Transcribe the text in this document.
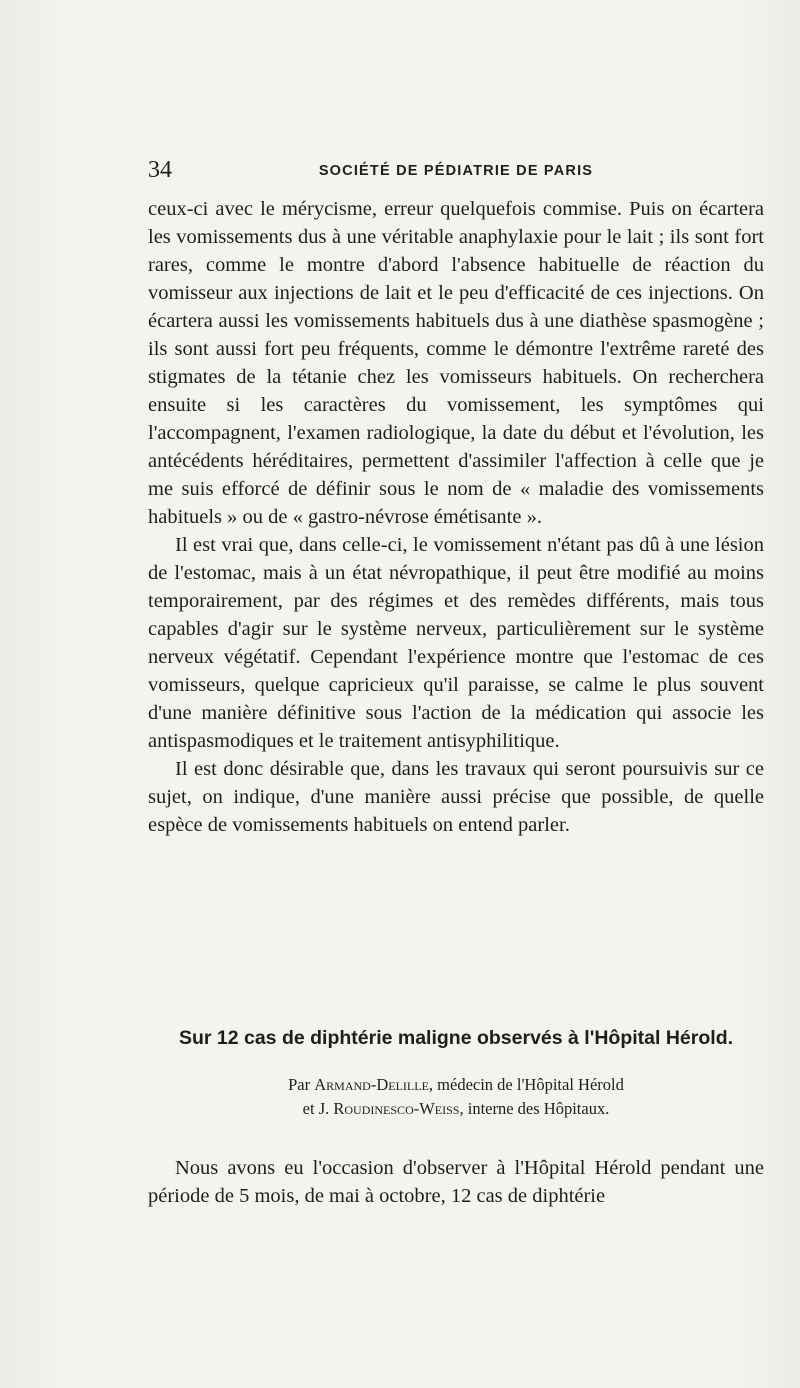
34	SOCIÉTÉ DE PÉDIATRIE DE PARIS

ceux-ci avec le mérycisme, erreur quelquefois commise. Puis on écartera les vomissements dus à une véritable anaphylaxie pour le lait ; ils sont fort rares, comme le montre d'abord l'absence habituelle de réaction du vomisseur aux injections de lait et le peu d'efficacité de ces injections. On écartera aussi les vomissements habituels dus à une diathèse spasmogène ; ils sont aussi fort peu fréquents, comme le démontre l'extrême rareté des stigmates de la tétanie chez les vomisseurs habituels. On recherchera ensuite si les caractères du vomissement, les symptômes qui l'accompagnent, l'examen radiologique, la date du début et l'évolution, les antécédents héréditaires, permettent d'assimiler l'affection à celle que je me suis efforcé de définir sous le nom de « maladie des vomissements habituels » ou de « gastro-névrose émétisante ».

Il est vrai que, dans celle-ci, le vomissement n'étant pas dû à une lésion de l'estomac, mais à un état névropathique, il peut être modifié au moins temporairement, par des régimes et des remèdes différents, mais tous capables d'agir sur le système nerveux, particulièrement sur le système nerveux végétatif. Cependant l'expérience montre que l'estomac de ces vomisseurs, quelque capricieux qu'il paraisse, se calme le plus souvent d'une manière définitive sous l'action de la médication qui associe les antispasmodiques et le traitement antisyphilitique.

Il est donc désirable que, dans les travaux qui seront poursuivis sur ce sujet, on indique, d'une manière aussi précise que possible, de quelle espèce de vomissements habituels on entend parler.

Sur 12 cas de diphtérie maligne observés à l'Hôpital Hérold.
Par Armand-Delille, médecin de l'Hôpital Hérold
et J. Roudinesco-Weiss, interne des Hôpitaux.

Nous avons eu l'occasion d'observer à l'Hôpital Hérold pendant une période de 5 mois, de mai à octobre, 12 cas de diphtérie
